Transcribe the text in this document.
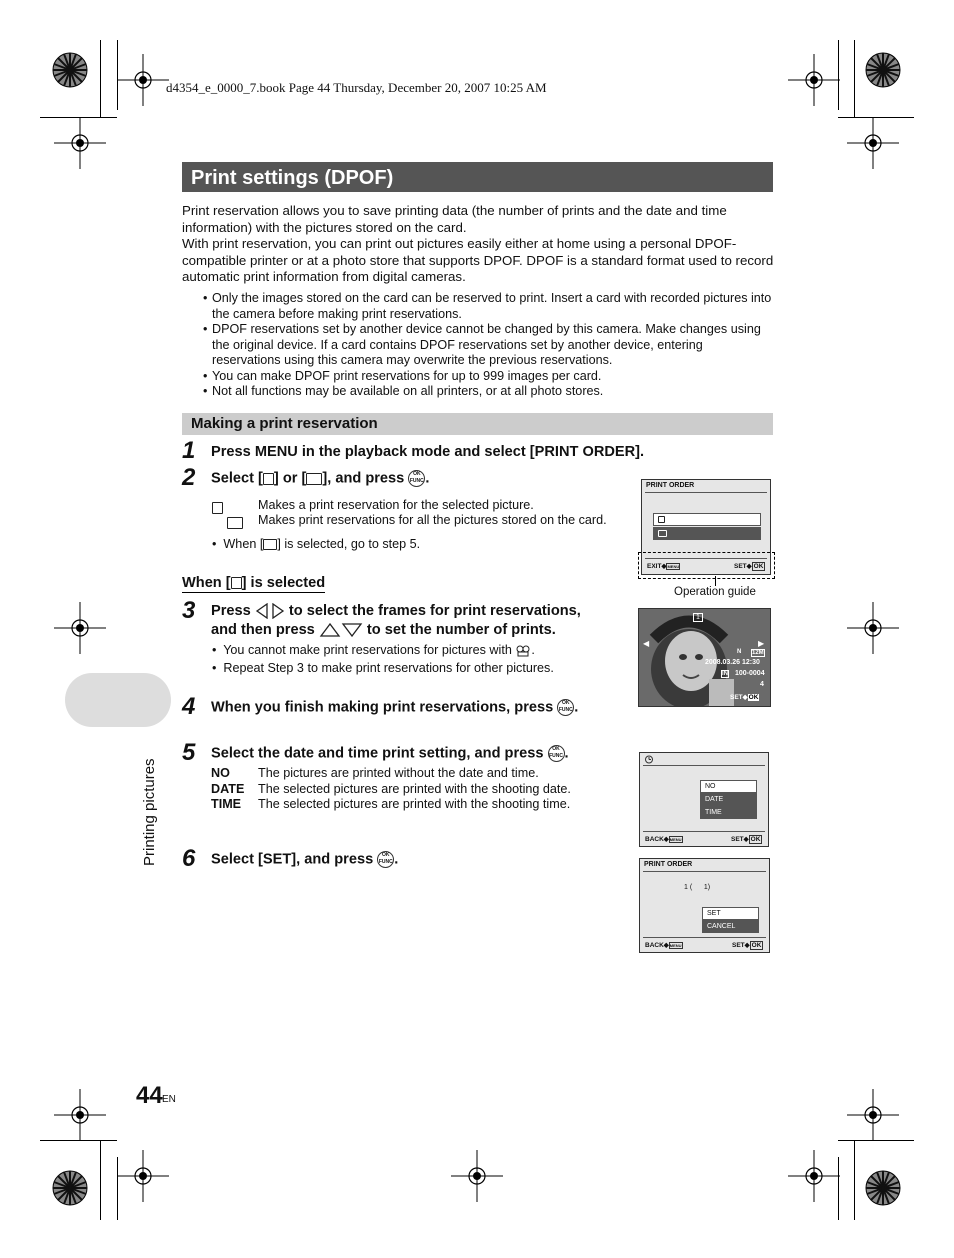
d4354_e_0000_7.book Page 44 Thursday, December 20, 2007 10:25 AM
Print settings (DPOF)
Print reservation allows you to save printing data (the number of prints and the date and time information) with the pictures stored on the card.
With print reservation, you can print out pictures easily either at home using a personal DPOF-compatible printer or at a photo store that supports DPOF. DPOF is a standard format used to record automatic print information from digital cameras.
• Only the images stored on the card can be reserved to print. Insert a card with recorded pictures into the camera before making print reservations.
• DPOF reservations set by another device cannot be changed by this camera. Make changes using the original device. If a card contains DPOF reservations set by another device, entering reservations using this camera may overwrite the previous reservations.
• You can make DPOF print reservations for up to 999 images per card.
• Not all functions may be available on all printers, or at all photo stores.
Making a print reservation
Printing pictures
1 Press MENU in the playback mode and select [PRINT ORDER].
2 Select [ ] or [ ], and press OK
FUNC .

Makes a print reservation for the selected picture.
Makes print reservations for all the pictures stored on the card.
•  When [ ] is selected, go to step 5.
When [ ] is selected
3 Press  to select the frames for print reservations,
and then press	to set the number of prints.
•  You cannot make print reservations for pictures with .
•  Repeat Step 3 to make print reservations for other pictures.
4 When you finish making print reservations, press OK
FUNC .
5 Select the date and time print setting, and press OK
FUNC .
NO The pictures are printed without the date and time.
DATE The selected pictures are printed with the shooting date.
TIME The selected pictures are printed with the shooting time.
6 Select [SET], and press OK
FUNC .
PRINT ORDER
EXIT◆MENU	SET◆ OK
Operation guide
◀	▶
1
N 12M
2008.03.26 12:30
IN 100-0004
4
SET◆OK
NO
DATE
TIME
BACK◆MENU	SET◆ OK
PRINT ORDER
1 (      1)
SET
CANCEL
BACK◆MENU	SET◆ OK
44 EN
